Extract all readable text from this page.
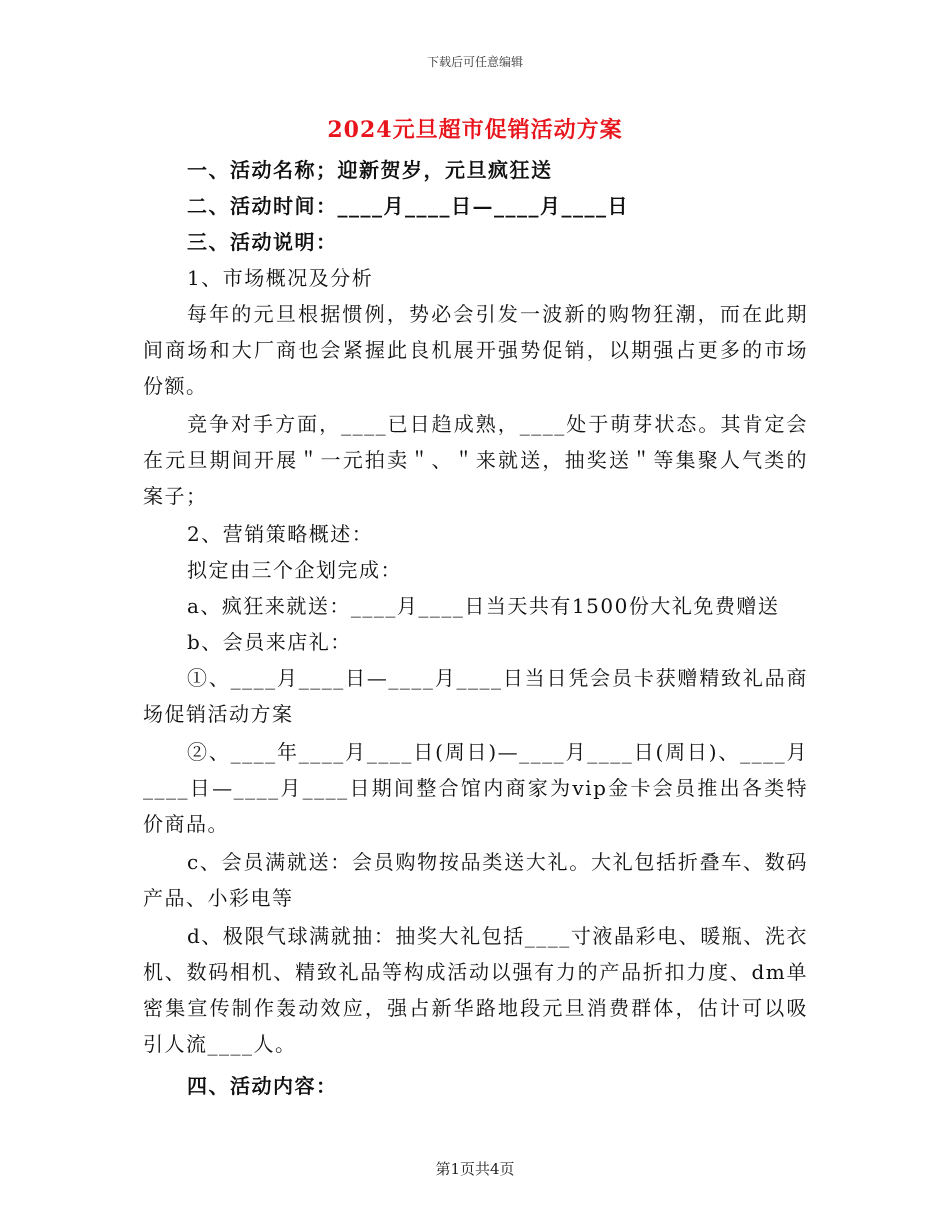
下载后可任意编辑
2024元旦超市促销活动方案

一、活动名称；迎新贺岁，元旦疯狂送

二、活动时间：____月____日—____月____日

三、活动说明：

1、市场概况及分析

每年的元旦根据惯例，势必会引发一波新的购物狂潮，而在此期间商场和大厂商也会紧握此良机展开强势促销，以期强占更多的市场份额。

竞争对手方面，____已日趋成熟，____处于萌芽状态。其肯定会在元旦期间开展＂一元拍卖＂、＂来就送，抽奖送＂等集聚人气类的案子；

2、营销策略概述：

拟定由三个企划完成：

a、疯狂来就送：____月____日当天共有1500份大礼免费赠送

b、会员来店礼：

①、____月____日—____月____日当日凭会员卡获赠精致礼品商场促销活动方案

②、____年____月____日(周日)—____月____日(周日)、____月____日—____月____日期间整合馆内商家为vip金卡会员推出各类特价商品。

c、会员满就送：会员购物按品类送大礼。大礼包括折叠车、数码产品、小彩电等

d、极限气球满就抽：抽奖大礼包括____寸液晶彩电、暖瓶、洗衣机、数码相机、精致礼品等构成活动以强有力的产品折扣力度、dm单密集宣传制作轰动效应，强占新华路地段元旦消费群体，估计可以吸引人流____人。

四、活动内容：

第1页共4页
